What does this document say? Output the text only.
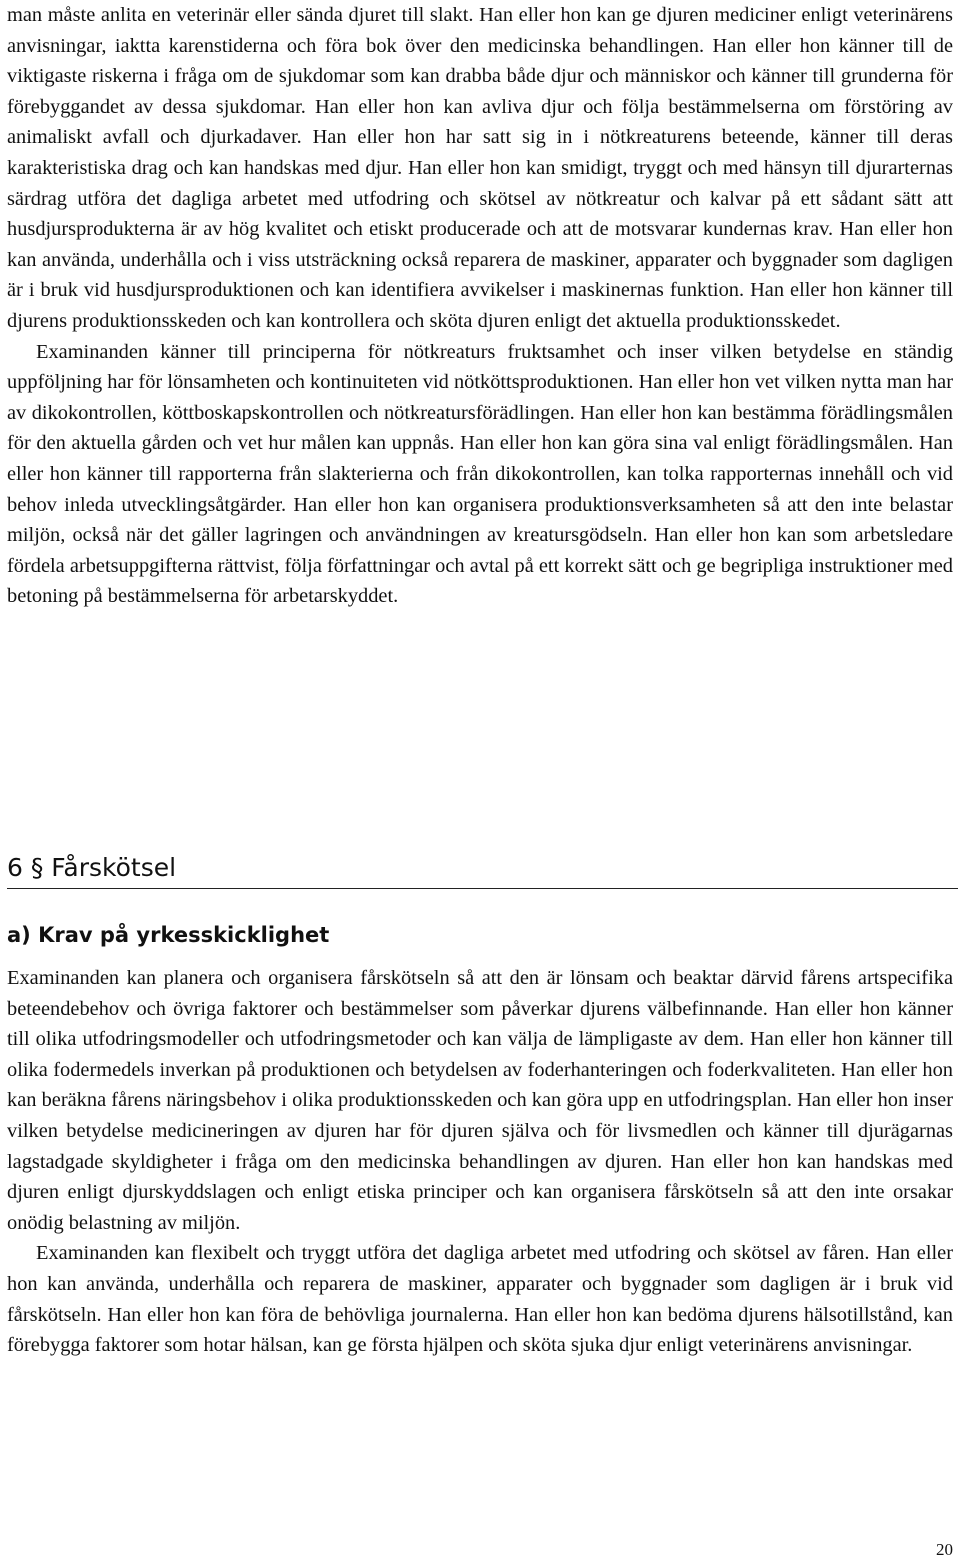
man måste anlita en veterinär eller sända djuret till slakt. Han eller hon kan ge djuren mediciner enligt veterinärens anvisningar, iaktta karenstiderna och föra bok över den medicinska behandlingen. Han eller hon känner till de viktigaste riskerna i fråga om de sjukdomar som kan drabba både djur och människor och känner till grunderna för förebyggandet av dessa sjukdomar. Han eller hon kan avliva djur och följa bestämmelserna om förstöring av animaliskt avfall och djurkadaver. Han eller hon har satt sig in i nötkreaturens beteende, känner till deras karakteristiska drag och kan handskas med djur. Han eller hon kan smidigt, tryggt och med hänsyn till djurarternas särdrag utföra det dagliga arbetet med utfodring och skötsel av nötkreatur och kalvar på ett sådant sätt att husdjursprodukterna är av hög kvalitet och etiskt producerade och att de motsvarar kundernas krav. Han eller hon kan använda, underhålla och i viss utsträckning också reparera de maskiner, apparater och byggnader som dagligen är i bruk vid husdjursproduktionen och kan identifiera avvikelser i maskinernas funktion. Han eller hon känner till djurens produktionsskeden och kan kontrollera och sköta djuren enligt det aktuella produktionsskedet.

Examinanden känner till principerna för nötkreaturs fruktsamhet och inser vilken betydelse en ständig uppföljning har för lönsamheten och kontinuiteten vid nötköttsproduktionen. Han eller hon vet vilken nytta man har av dikokontrollen, köttboskapskontrollen och nötkreatursförädlingen. Han eller hon kan bestämma förädlingsmålen för den aktuella gården och vet hur målen kan uppnås. Han eller hon kan göra sina val enligt förädlingsmålen. Han eller hon känner till rapporterna från slakterierna och från dikokontrollen, kan tolka rapporternas innehåll och vid behov inleda utvecklingsåtgärder. Han eller hon kan organisera produktionsverksamheten så att den inte belastar miljön, också när det gäller lagringen och användningen av kreatursgödseln. Han eller hon kan som arbetsledare fördela arbetsuppgifterna rättvist, följa författningar och avtal på ett korrekt sätt och ge begripliga instruktioner med betoning på bestämmelserna för arbetarskyddet.

6 § Fårskötsel
a) Krav på yrkesskicklighet

Examinanden kan planera och organisera fårskötseln så att den är lönsam och beaktar därvid fårens artspecifika beteendebehov och övriga faktorer och bestämmelser som påverkar djurens välbefinnande. Han eller hon känner till olika utfodringsmodeller och utfodringsmetoder och kan välja de lämpligaste av dem. Han eller hon känner till olika fodermedels inverkan på produktionen och betydelsen av foderhanteringen och foderkvaliteten. Han eller hon kan beräkna fårens näringsbehov i olika produktionsskeden och kan göra upp en utfodringsplan. Han eller hon inser vilken betydelse medicineringen av djuren har för djuren själva och för livsmedlen och känner till djurägarnas lagstadgade skyldigheter i fråga om den medicinska behandlingen av djuren. Han eller hon kan handskas med djuren enligt djurskyddslagen och enligt etiska principer och kan organisera fårskötseln så att den inte orsakar onödig belastning av miljön.

Examinanden kan flexibelt och tryggt utföra det dagliga arbetet med utfodring och skötsel av fåren. Han eller hon kan använda, underhålla och reparera de maskiner, apparater och byggnader som dagligen är i bruk vid fårskötseln. Han eller hon kan föra de behövliga journalerna. Han eller hon kan bedöma djurens hälsotillstånd, kan förebygga faktorer som hotar hälsan, kan ge första hjälpen och sköta sjuka djur enligt veterinärens anvisningar.

20
